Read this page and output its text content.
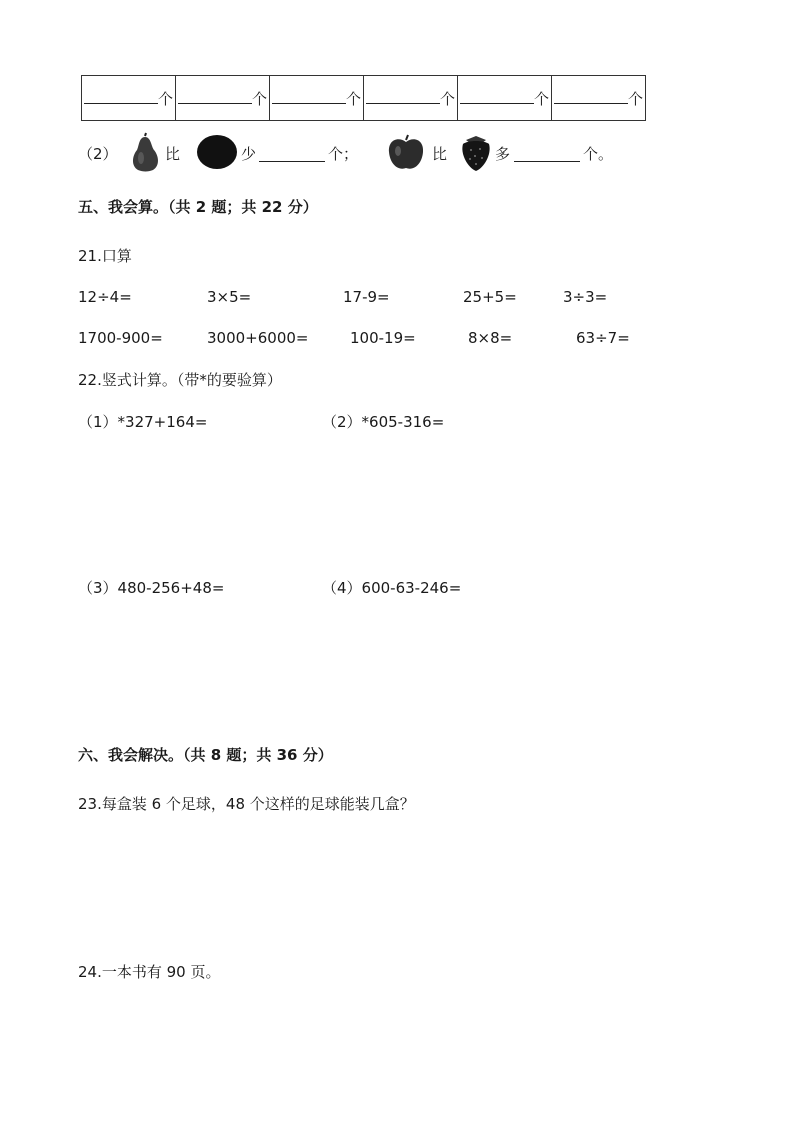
个	个	个	个	个	个
（2）	比	少	个；	比	多	个。
五、我会算。（共 2 题；共 22 分）
21.口算
12÷4=	3×5=	17-9=	25+5=	3÷3=
1700-900=	3000+6000=	100-19=	8×8=	63÷7=
22.竖式计算。（带*的要验算）
（1）*327+164=	（2）*605-316=
（3）480-256+48=	（4）600-63-246=
六、我会解决。（共 8 题；共 36 分）
23.每盒装 6 个足球，48 个这样的足球能装几盒？
24.一本书有 90 页。
